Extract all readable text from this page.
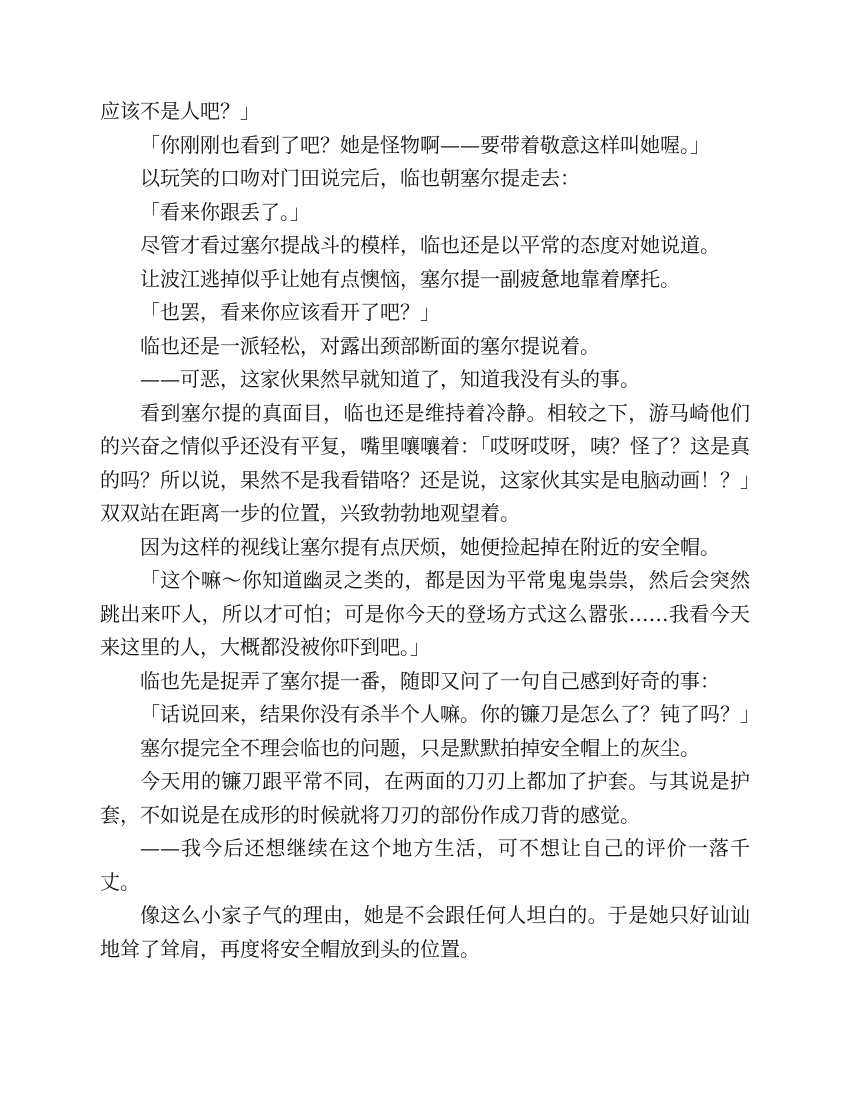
应该不是人吧？」

「你刚刚也看到了吧？她是怪物啊——要带着敬意这样叫她喔。」

以玩笑的口吻对门田说完后，临也朝塞尔提走去：

「看来你跟丢了。」

尽管才看过塞尔提战斗的模样，临也还是以平常的态度对她说道。

让波江逃掉似乎让她有点懊恼，塞尔提一副疲惫地靠着摩托。

「也罢，看来你应该看开了吧？」

临也还是一派轻松，对露出颈部断面的塞尔提说着。

——可恶，这家伙果然早就知道了，知道我没有头的事。

看到塞尔提的真面目，临也还是维持着冷静。相较之下，游马崎他们的兴奋之情似乎还没有平复，嘴里嚷嚷着：「哎呀哎呀，咦？怪了？这是真的吗？所以说，果然不是我看错咯？还是说，这家伙其实是电脑动画！？」双双站在距离一步的位置，兴致勃勃地观望着。

因为这样的视线让塞尔提有点厌烦，她便捡起掉在附近的安全帽。

「这个嘛～你知道幽灵之类的，都是因为平常鬼鬼祟祟，然后会突然跳出来吓人，所以才可怕；可是你今天的登场方式这么嚣张……我看今天来这里的人，大概都没被你吓到吧。」

临也先是捉弄了塞尔提一番，随即又问了一句自己感到好奇的事：

「话说回来，结果你没有杀半个人嘛。你的镰刀是怎么了？钝了吗？」

塞尔提完全不理会临也的问题，只是默默拍掉安全帽上的灰尘。

今天用的镰刀跟平常不同，在两面的刀刃上都加了护套。与其说是护套，不如说是在成形的时候就将刀刃的部份作成刀背的感觉。

——我今后还想继续在这个地方生活，可不想让自己的评价一落千丈。

像这么小家子气的理由，她是不会跟任何人坦白的。于是她只好讪讪地耸了耸肩，再度将安全帽放到头的位置。
